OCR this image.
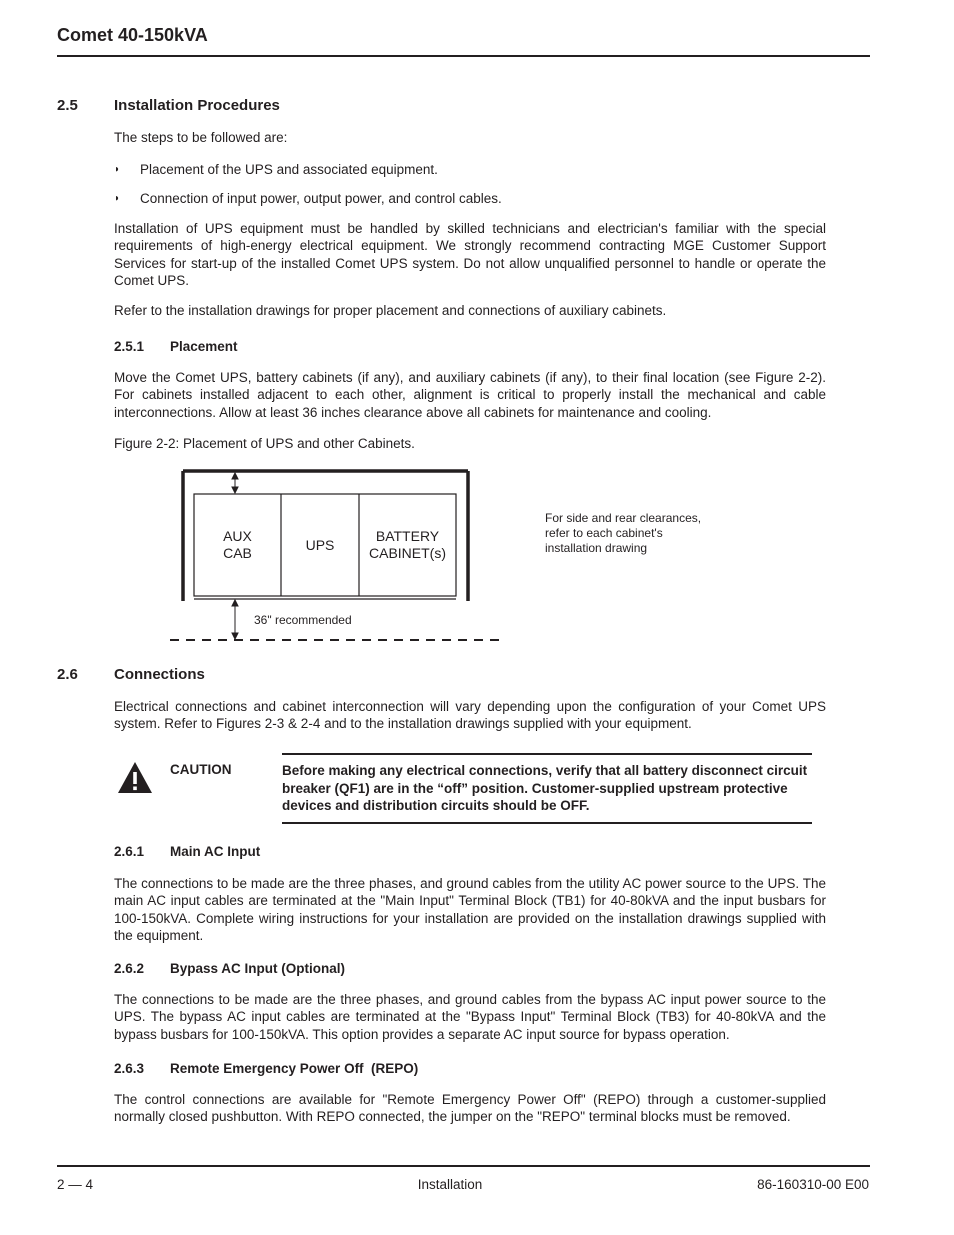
Comet 40-150kVA
2.5 Installation Procedures
The steps to be followed are:
◗ Placement of the UPS and associated equipment.
◗ Connection of input power, output power, and control cables.
Installation of UPS equipment must be handled by skilled technicians and electrician's familiar with the special requirements of high-energy electrical equipment. We strongly recommend contracting MGE Customer Support Services for start-up of the installed Comet UPS system. Do not allow unqualified personnel to handle or operate the Comet UPS.
Refer to the installation drawings for proper placement and connections of auxiliary cabinets.
2.5.1 Placement
Move the Comet UPS, battery cabinets (if any), and auxiliary cabinets (if any), to their final location (see Figure 2-2). For cabinets installed adjacent to each other, alignment is critical to properly install the mechanical and cable interconnections. Allow at least 36 inches clearance above all cabinets for maintenance and cooling.
Figure 2-2: Placement of UPS and other Cabinets.
AUX
CAB	UPS
BATTERY
CABINET(s)
36" recommended
For side and rear clearances,
refer to each cabinet's
installation drawing
2.6 Connections
Electrical connections and cabinet interconnection will vary depending upon the configuration of your Comet UPS system. Refer to Figures 2-3 & 2-4 and to the installation drawings supplied with your equipment.
CAUTION	Before making any electrical connections, verify that all battery disconnect circuit breaker (QF1) are in the “off” position. Customer-supplied upstream protective devices and distribution circuits should be OFF.
2.6.1 Main AC Input
The connections to be made are the three phases, and ground cables from the utility AC power source to the UPS. The main AC input cables are terminated at the "Main Input" Terminal Block (TB1) for 40-80kVA and the input busbars for 100-150kVA. Complete wiring instructions for your installation are provided on the installation drawings supplied with the equipment.
2.6.2 Bypass AC Input (Optional)
The connections to be made are the three phases, and ground cables from the bypass AC input power source to the UPS. The bypass AC input cables are terminated at the "Bypass Input" Terminal Block (TB3) for 40-80kVA and the bypass busbars for 100-150kVA. This option provides a separate AC input source for bypass operation.
2.6.3 Remote Emergency Power Off  (REPO)
The control connections are available for "Remote Emergency Power Off" (REPO) through a customer-supplied normally closed pushbutton. With REPO connected, the jumper on the "REPO" terminal blocks must be removed.
2 — 4	Installation	86-160310-00 E00
